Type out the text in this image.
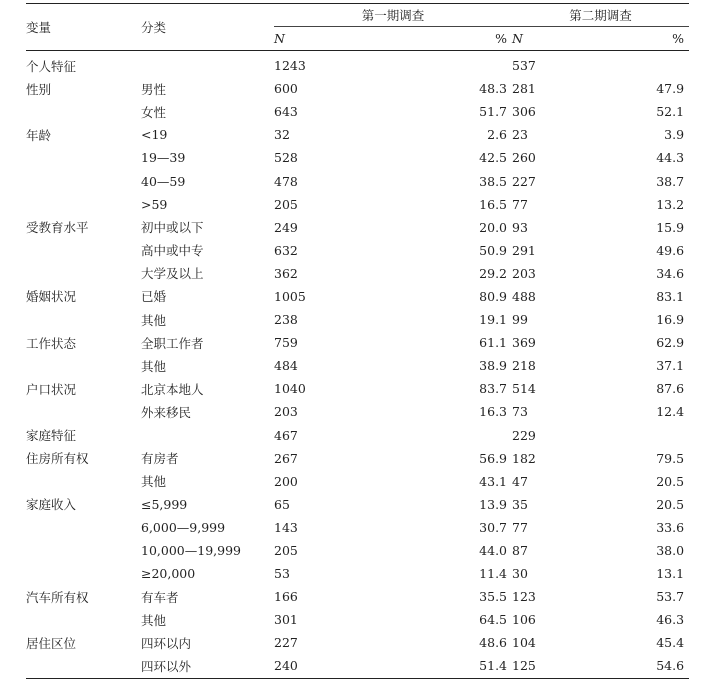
变量	分类	第一期调查		第二期调查	
		N	%	N	%
个人特征		1243		537	
性别	男性	600	48.3	281	47.9
	女性	643	51.7	306	52.1
年龄	<19	32	2.6	23	3.9
	19—39	528	42.5	260	44.3
	40—59	478	38.5	227	38.7
	>59	205	16.5	77	13.2
受教育水平	初中或以下	249	20.0	93	15.9
	高中或中专	632	50.9	291	49.6
	大学及以上	362	29.2	203	34.6
婚姻状况	已婚	1005	80.9	488	83.1
	其他	238	19.1	99	16.9
工作状态	全职工作者	759	61.1	369	62.9
	其他	484	38.9	218	37.1
户口状况	北京本地人	1040	83.7	514	87.6
	外来移民	203	16.3	73	12.4
家庭特征		467		229	
住房所有权	有房者	267	56.9	182	79.5
	其他	200	43.1	47	20.5
家庭收入	≤5,999	65	13.9	35	20.5
	6,000—9,999	143	30.7	77	33.6
	10,000—19,999	205	44.0	87	38.0
	≥20,000	53	11.4	30	13.1
汽车所有权	有车者	166	35.5	123	53.7
	其他	301	64.5	106	46.3
居住区位	四环以内	227	48.6	104	45.4
	四环以外	240	51.4	125	54.6
